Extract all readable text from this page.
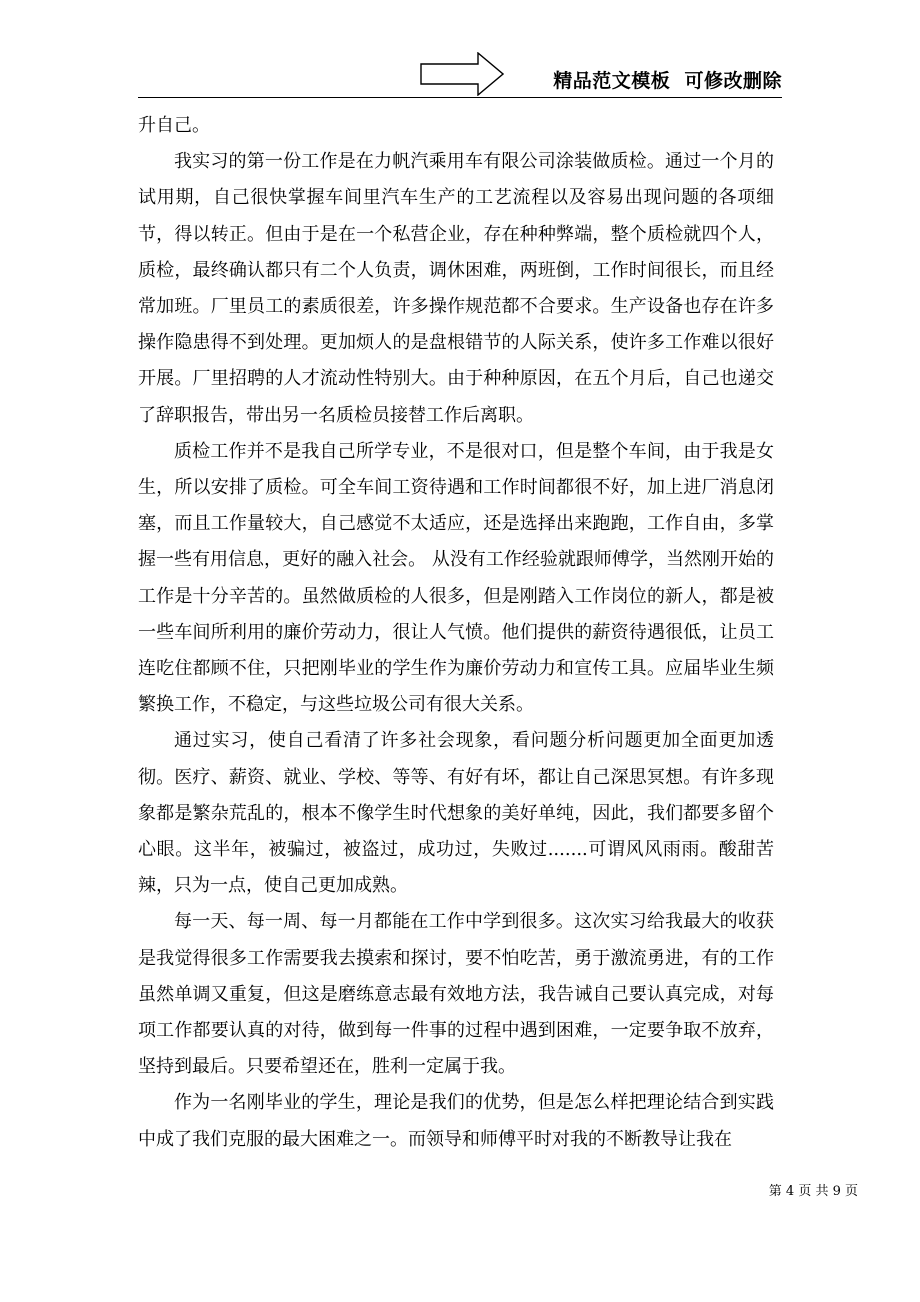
精品范文模板  可修改删除

升自己。

我实习的第一份工作是在力帆汽乘用车有限公司涂装做质检。通过一个月的试用期，自己很快掌握车间里汽车生产的工艺流程以及容易出现问题的各项细节，得以转正。但由于是在一个私营企业，存在种种弊端，整个质检就四个人，质检，最终确认都只有二个人负责，调休困难，两班倒，工作时间很长，而且经常加班。厂里员工的素质很差，许多操作规范都不合要求。生产设备也存在许多操作隐患得不到处理。更加烦人的是盘根错节的人际关系，使许多工作难以很好开展。厂里招聘的人才流动性特别大。由于种种原因，在五个月后，自己也递交了辞职报告，带出另一名质检员接替工作后离职。

质检工作并不是我自己所学专业，不是很对口，但是整个车间，由于我是女生，所以安排了质检。可全车间工资待遇和工作时间都很不好，加上进厂消息闭塞，而且工作量较大，自己感觉不太适应，还是选择出来跑跑，工作自由，多掌握一些有用信息，更好的融入社会。 从没有工作经验就跟师傅学，当然刚开始的工作是十分辛苦的。虽然做质检的人很多，但是刚踏入工作岗位的新人，都是被一些车间所利用的廉价劳动力，很让人气愤。他们提供的薪资待遇很低，让员工连吃住都顾不住，只把刚毕业的学生作为廉价劳动力和宣传工具。应届毕业生频繁换工作，不稳定，与这些垃圾公司有很大关系。

通过实习，使自己看清了许多社会现象，看问题分析问题更加全面更加透彻。医疗、薪资、就业、学校、等等、有好有坏，都让自己深思冥想。有许多现象都是繁杂荒乱的，根本不像学生时代想象的美好单纯，因此，我们都要多留个心眼。这半年，被骗过，被盗过，成功过，失败过.......可谓风风雨雨。酸甜苦辣，只为一点，使自己更加成熟。

每一天、每一周、每一月都能在工作中学到很多。这次实习给我最大的收获是我觉得很多工作需要我去摸索和探讨，要不怕吃苦，勇于激流勇进，有的工作虽然单调又重复，但这是磨练意志最有效地方法，我告诫自己要认真完成，对每项工作都要认真的对待，做到每一件事的过程中遇到困难，一定要争取不放弃，坚持到最后。只要希望还在，胜利一定属于我。

作为一名刚毕业的学生，理论是我们的优势，但是怎么样把理论结合到实践中成了我们克服的最大困难之一。而领导和师傅平时对我的不断教导让我在

第 4 页 共 9 页
